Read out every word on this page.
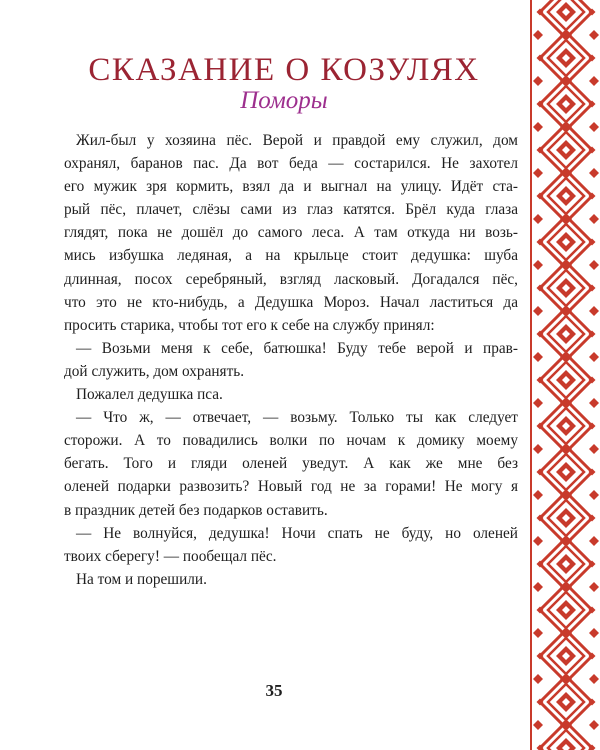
СКАЗАНИЕ О КОЗУЛЯХ
Поморы
Жил-был у хозяина пёс. Верой и правдой ему служил, дом
охранял, баранов пас. Да вот беда — состарился. Не захотел
его мужик зря кормить, взял да и выгнал на улицу. Идёт ста-
рый пёс, плачет, слёзы сами из глаз катятся. Брёл куда глаза
глядят, пока не дошёл до самого леса. А там откуда ни возь-
мись избушка ледяная, а на крыльце стоит дедушка: шуба
длинная, посох серебряный, взгляд ласковый. Догадался пёс,
что это не кто-нибудь, а Дедушка Мороз. Начал ластиться да
просить старика, чтобы тот его к себе на службу принял:
— Возьми меня к себе, батюшка! Буду тебе верой и прав-
дой служить, дом охранять.
Пожалел дедушка пса.
— Что ж, — отвечает, — возьму. Только ты как следует
сторожи. А то повадились волки по ночам к домику моему
бегать. Того и гляди оленей уведут. А как же мне без
оленей подарки развозить? Новый год не за горами! Не могу я
в праздник детей без подарков оставить.
— Не волнуйся, дедушка! Ночи спать не буду, но оленей
твоих сберегу! — пообещал пёс.
На том и порешили.
35
